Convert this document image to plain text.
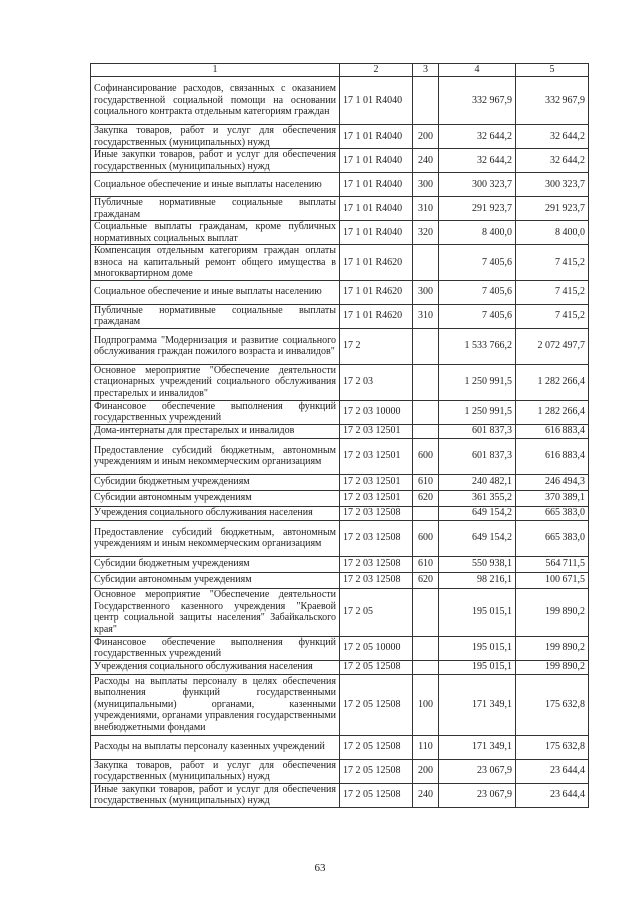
1	2	3	4	5
Софинансирование расходов, связанных с оказанием государственной социальной помощи на основании социального контракта отдельным категориям граждан	17 1 01 R4040		332 967,9	332 967,9
Закупка товаров, работ и услуг для обеспечения государственных (муниципальных) нужд	17 1 01 R4040	200	32 644,2	32 644,2
Иные закупки товаров, работ и услуг для обеспечения государственных (муниципальных) нужд	17 1 01 R4040	240	32 644,2	32 644,2
Социальное обеспечение и иные выплаты населению	17 1 01 R4040	300	300 323,7	300 323,7
Публичные нормативные социальные выплаты гражданам	17 1 01 R4040	310	291 923,7	291 923,7
Социальные выплаты гражданам, кроме публичных нормативных социальных выплат	17 1 01 R4040	320	8 400,0	8 400,0
Компенсация отдельным категориям граждан оплаты взноса на капитальный ремонт общего имущества в многоквартирном доме	17 1 01 R4620		7 405,6	7 415,2
Социальное обеспечение и иные выплаты населению	17 1 01 R4620	300	7 405,6	7 415,2
Публичные нормативные социальные выплаты гражданам	17 1 01 R4620	310	7 405,6	7 415,2
Подпрограмма "Модернизация и развитие социального обслуживания граждан пожилого возраста и инвалидов"	17 2		1 533 766,2	2 072 497,7
Основное мероприятие "Обеспечение деятельности стационарных учреждений социального обслуживания престарелых и инвалидов"	17 2 03		1 250 991,5	1 282 266,4
Финансовое обеспечение выполнения функций государственных учреждений	17 2 03 10000		1 250 991,5	1 282 266,4
Дома-интернаты для престарелых и инвалидов	17 2 03 12501		601 837,3	616 883,4
Предоставление субсидий бюджетным, автономным учреждениям и иным некоммерческим организациям	17 2 03 12501	600	601 837,3	616 883,4
Субсидии бюджетным учреждениям	17 2 03 12501	610	240 482,1	246 494,3
Субсидии автономным учреждениям	17 2 03 12501	620	361 355,2	370 389,1
Учреждения социального обслуживания населения	17 2 03 12508		649 154,2	665 383,0
Предоставление субсидий бюджетным, автономным учреждениям и иным некоммерческим организациям	17 2 03 12508	600	649 154,2	665 383,0
Субсидии бюджетным учреждениям	17 2 03 12508	610	550 938,1	564 711,5
Субсидии автономным учреждениям	17 2 03 12508	620	98 216,1	100 671,5
Основное мероприятие "Обеспечение деятельности Государственного казенного учреждения "Краевой центр социальной защиты населения" Забайкальского края"	17 2 05		195 015,1	199 890,2
Финансовое обеспечение выполнения функций государственных учреждений	17 2 05 10000		195 015,1	199 890,2
Учреждения социального обслуживания населения	17 2 05 12508		195 015,1	199 890,2
Расходы на выплаты персоналу в целях обеспечения выполнения функций государственными (муниципальными) органами, казенными учреждениями, органами управления государственными внебюджетными фондами	17 2 05 12508	100	171 349,1	175 632,8
Расходы на выплаты персоналу казенных учреждений	17 2 05 12508	110	171 349,1	175 632,8
Закупка товаров, работ и услуг для обеспечения государственных (муниципальных) нужд	17 2 05 12508	200	23 067,9	23 644,4
Иные закупки товаров, работ и услуг для обеспечения государственных (муниципальных) нужд	17 2 05 12508	240	23 067,9	23 644,4
63
